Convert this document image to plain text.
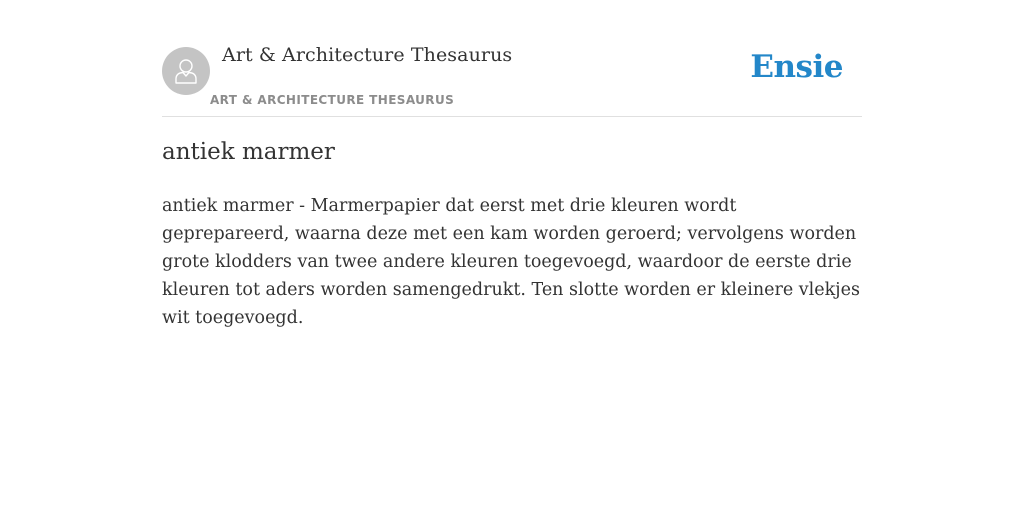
Art & Architecture Thesaurus
ART & ARCHITECTURE THESAURUS
Ensie
antiek marmer

antiek marmer - Marmerpapier dat eerst met drie kleuren wordt geprepareerd, waarna deze met een kam worden geroerd; vervolgens worden grote klodders van twee andere kleuren toegevoegd, waardoor de eerste drie kleuren tot aders worden samengedrukt. Ten slotte worden er kleinere vlekjes wit toegevoegd.
